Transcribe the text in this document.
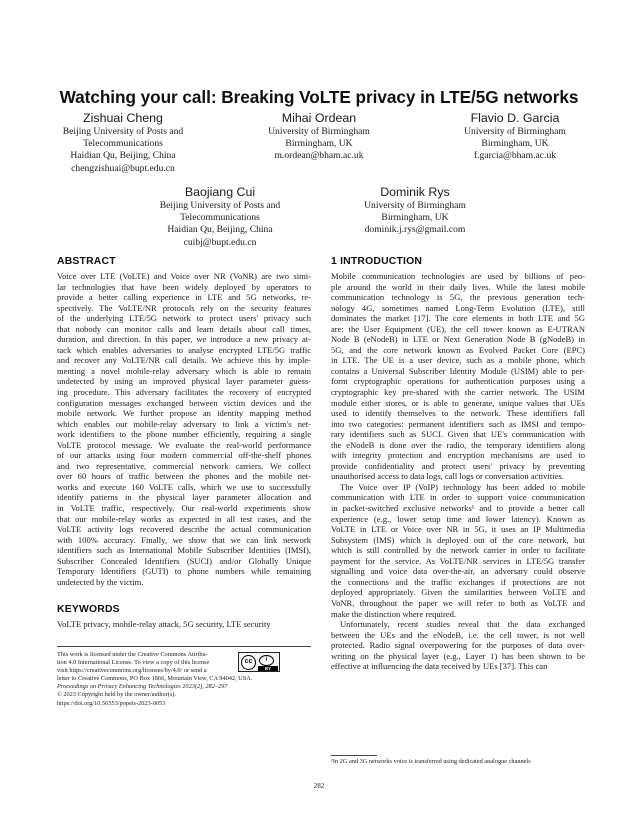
Watching your call: Breaking VoLTE privacy in LTE/5G networks
Zishuai Cheng
Beijing University of Posts and
Telecommunications
Haidian Qu, Beijing, China
chengzishuai@bupt.edu.cn
Mihai Ordean
University of Birmingham
Birmingham, UK
m.ordean@bham.ac.uk
Flavio D. Garcia
University of Birmingham
Birmingham, UK
f.garcia@bham.ac.uk
Baojiang Cui
Beijing University of Posts and
Telecommunications
Haidian Qu, Beijing, China
cuibj@bupt.edu.cn
Dominik Rys
University of Birmingham
Birmingham, UK
dominik.j.rys@gmail.com
ABSTRACT
Voice over LTE (VoLTE) and Voice over NR (VoNR) are two simi-
lar technologies that have been widely deployed by operators to
provide a better calling experience in LTE and 5G networks, re-
spectively. The VoLTE/NR protocols rely on the security features
of the underlying LTE/5G network to protect users' privacy such
that nobody can monitor calls and learn details about call times,
duration, and direction. In this paper, we introduce a new privacy at-
tack which enables adversaries to analyse encrypted LTE/5G traffic
and recover any VoLTE/NR call details. We achieve this by imple-
menting a novel mobile-relay adversary which is able to remain
undetected by using an improved physical layer parameter guess-
ing procedure. This adversary facilitates the recovery of encrypted
configuration messages exchanged between victim devices and the
mobile network. We further propose an identity mapping method
which enables our mobile-relay adversary to link a victim's net-
work identifiers to the phone number efficiently, requiring a single
VoLTE protocol message. We evaluate the real-world performance
of our attacks using four modern commercial off-the-shelf phones
and two representative, commercial network carriers. We collect
over 60 hours of traffic between the phones and the mobile net-
works and execute 160 VoLTE calls, which we use to successfully
identify patterns in the physical layer parameter allocation and
in VoLTE traffic, respectively. Our real-world experiments show
that our mobile-relay works as expected in all test cases, and the
VoLTE activity logs recovered describe the actual communication
with 100% accuracy. Finally, we show that we can link network
identifiers such as International Mobile Subscriber Identities (IMSI),
Subscriber Concealed Identifiers (SUCI) and/or Globally Unique
Temporary Identifiers (GUTI) to phone numbers while remaining
undetected by the victim.
KEYWORDS
VoLTE privacy, mobile-relay attack, 5G security, LTE security
This work is licensed under the Creative Commons Attribu-
tion 4.0 International License. To view a copy of this license
visit https://creativecommons.org/licenses/by/4.0/ or send a
letter to Creative Commons, PO Box 1866, Mountain View, CA 94042, USA.
Proceedings on Privacy Enhancing Technologies 2023(2), 282–297
© 2023 Copyright held by the owner/author(s).
https://doi.org/10.56553/popets-2023-0053
cc	i
BY
1 INTRODUCTION
Mobile communication technologies are used by billions of peo-
ple around the world in their daily lives. While the latest mobile
communication technology is 5G, the previous generation tech-
nology 4G, sometimes named Long-Term Evolution (LTE), still
dominates the market [17]. The core elements in both LTE and 5G
are: the User Equipment (UE), the cell tower known as E-UTRAN
Node B (eNodeB) in LTE or Next Generation Node B (gNodeB) in
5G, and the core network known as Evolved Packet Core (EPC)
in LTE. The UE is a user device, such as a mobile phone, which
contains a Universal Subscriber Identity Module (USIM) able to per-
form cryptographic operations for authentication purposes using a
cryptographic key pre-shared with the carrier network. The USIM
module either stores, or is able to generate, unique values that UEs
used to identify themselves to the network. These identifiers fall
into two categories: permanent identifiers such as IMSI and tempo-
rary identifiers such as SUCI. Given that UE's communication with
the eNodeB is done over the radio, the temporary identifiers along
with integrity protection and encryption mechanisms are used to
provide confidentiality and protect users' privacy by preventing
unauthorised access to data logs, call logs or conversation activities.
The Voice over IP (VoIP) technology has been added to mobile
communication with LTE in order to support voice communication
in packet-switched exclusive networks¹ and to provide a better call
experience (e.g., lower setup time and lower latency). Known as
VoLTE in LTE or Voice over NR in 5G, it uses an IP Multimedia
Subsystem (IMS) which is deployed out of the core network, but
which is still controlled by the network carrier in order to facilitate
payment for the service. As VoLTE/NR services in LTE/5G transfer
signalling and voice data over-the-air, an adversary could observe
the connections and the traffic exchanges if protections are not
deployed appropriately. Given the similarities between VoLTE and
VoNR, throughout the paper we will refer to both as VoLTE and
make the distinction where required.
Unfortunately, recent studies reveal that the data exchanged
between the UEs and the eNodeB, i.e. the cell tower, is not well
protected. Radio signal overpowering for the purposes of data over-
writing on the physical layer (e.g., Layer 1) has been shown to be
effective at influencing the data received by UEs [37]. This can
¹In 2G and 3G networks voice is transferred using dedicated analogue channels
282
